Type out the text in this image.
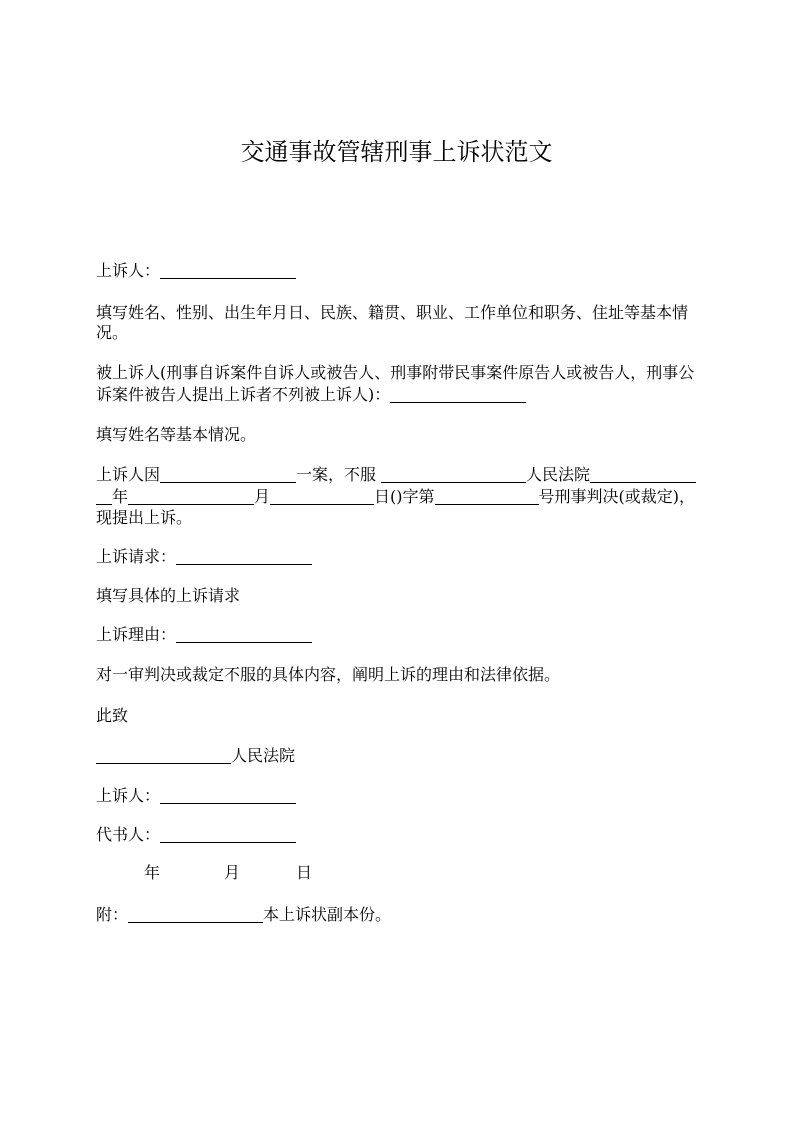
交通事故管辖刑事上诉状范文
上诉人：
填写姓名、性别、出生年月日、民族、籍贯、职业、工作单位和职务、住址等基本情
况。
被上诉人(刑事自诉案件自诉人或被告人、刑事附带民事案件原告人或被告人，刑事公
诉案件被告人提出上诉者不列被上诉人)：
填写姓名等基本情况。
上诉人因	一案，不服	人民法院
年	月	日()字第	号刑事判决(或裁定)，
现提出上诉。
上诉请求：
填写具体的上诉请求
上诉理由：
对一审判决或裁定不服的具体内容，阐明上诉的理由和法律依据。
此致
人民法院
上诉人：
代书人：
年	月	日
附：	本上诉状副本份。
